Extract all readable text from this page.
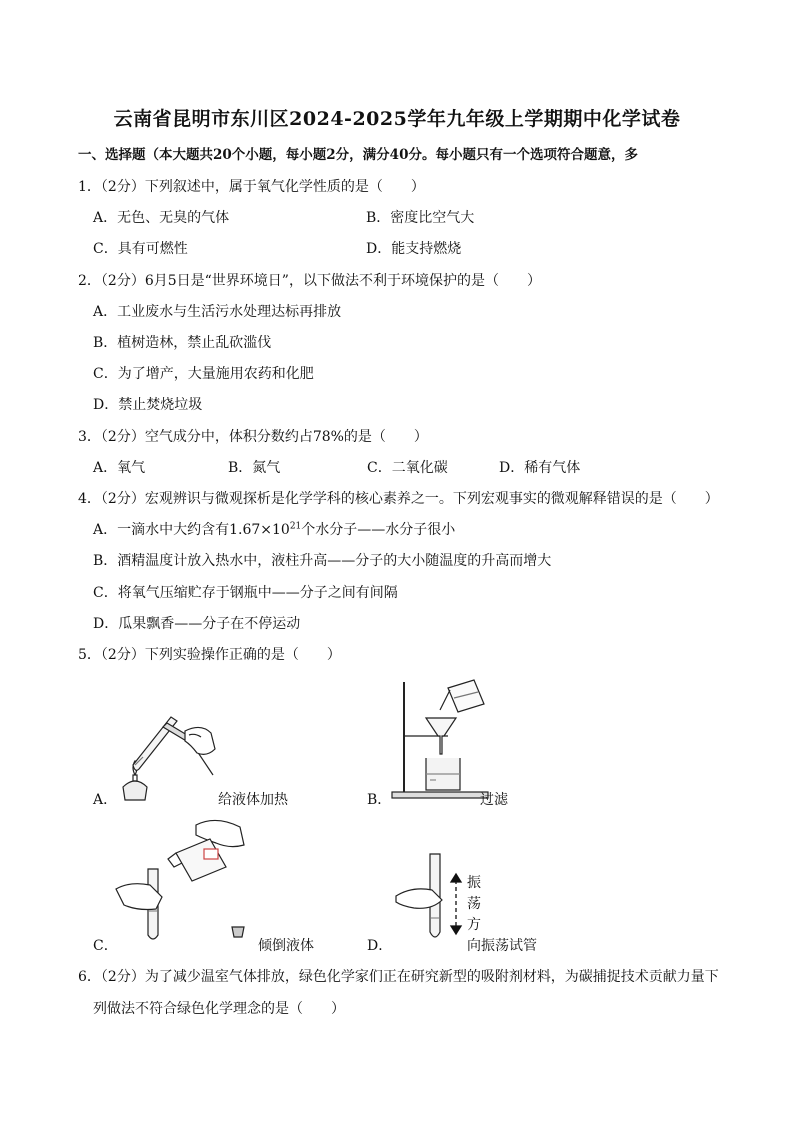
云南省昆明市东川区2024-2025学年九年级上学期期中化学试卷
一、选择题（本大题共20个小题，每小题2分，满分40分。每小题只有一个选项符合题意，多
1．（2分）下列叙述中，属于氧气化学性质的是（　　）
A．无色、无臭的气体	B．密度比空气大
C．具有可燃性	D．能支持燃烧
2．（2分）6月5日是“世界环境日”，以下做法不利于环境保护的是（　　）
A．工业废水与生活污水处理达标再排放
B．植树造林，禁止乱砍滥伐
C．为了增产，大量施用农药和化肥
D．禁止焚烧垃圾
3．（2分）空气成分中，体积分数约占78%的是（　　）
A．氧气	B．氮气	C．二氧化碳	D．稀有气体
4．（2分）宏观辨识与微观探析是化学学科的核心素养之一。下列宏观事实的微观解释错误的是（　　）
A．一滴水中大约含有$1.67\times 10^{21}$个水分子——水分子很小
B．酒精温度计放入热水中，液柱升高——分子的大小随温度的升高而增大
C．将氧气压缩贮存于钢瓶中——分子之间有间隔
D．瓜果飘香——分子在不停运动
5．（2分）下列实验操作正确的是（　　）
A．	给液体加热	B．	过滤
C．	倾倒液体
振
荡
方
向
D．	振荡试管
6．（2分）为了减少温室气体排放，绿色化学家们正在研究新型的吸附剂材料，为碳捕捉技术贡献力量下
列做法不符合绿色化学理念的是（　　）
